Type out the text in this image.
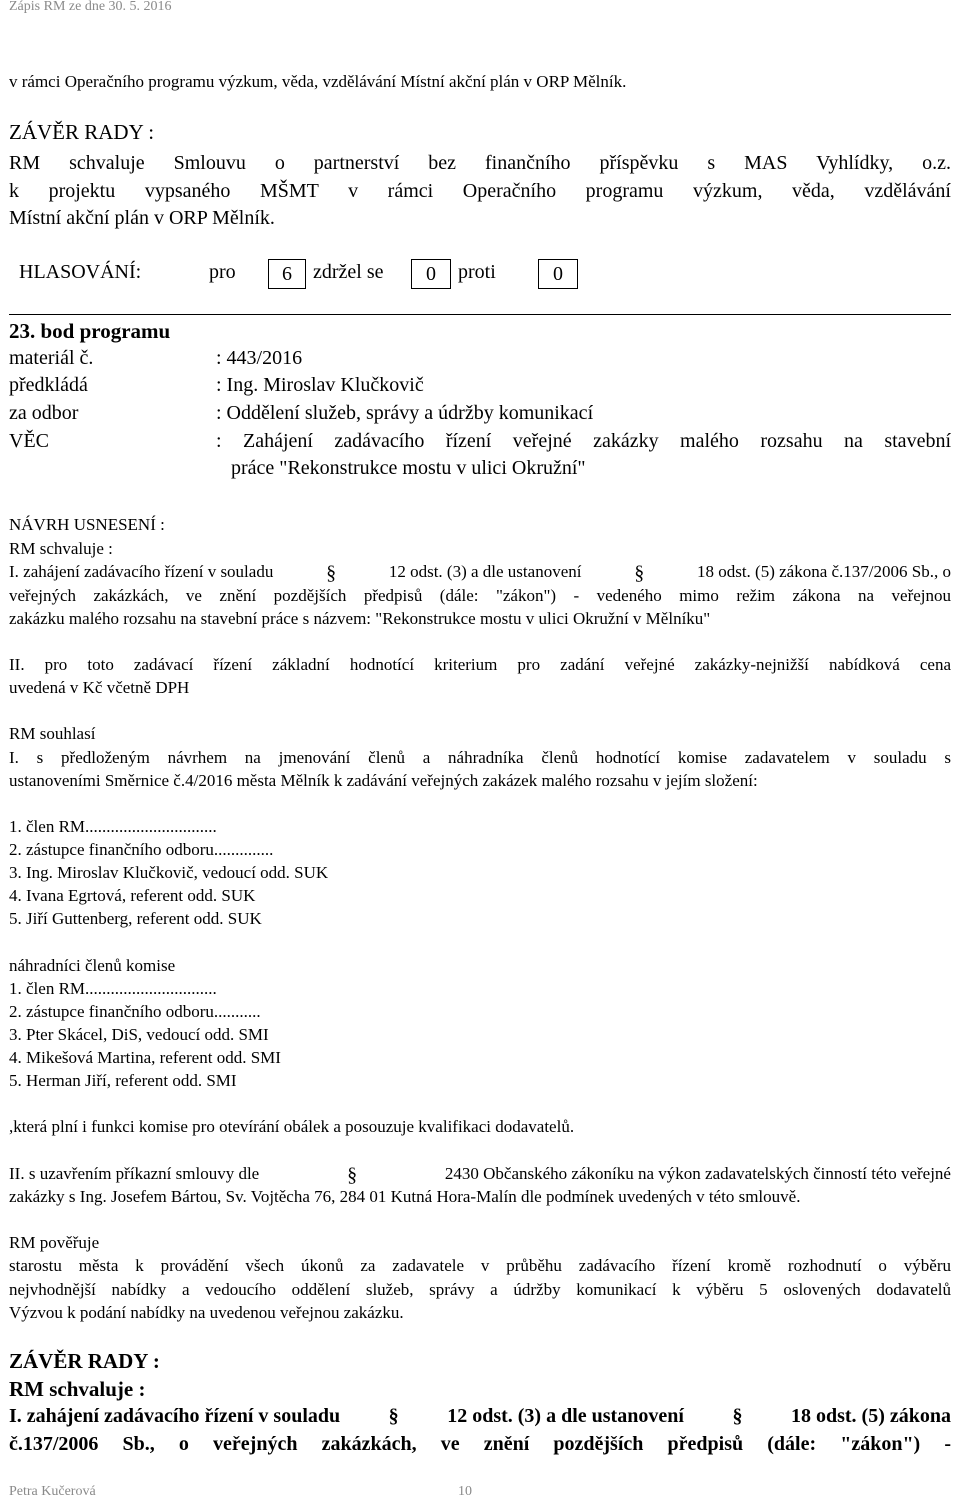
Zápis RM ze dne 30. 5. 2016
v rámci Operačního programu výzkum, věda, vzdělávání Místní akční plán v ORP Mělník.
ZÁVĚR RADY :
RM schvaluje Smlouvu o partnerství bez finančního příspěvku s MAS Vyhlídky, o.z.
k projektu vypsaného MŠMT v rámci Operačního programu výzkum, věda, vzdělávání
Místní akční plán v ORP Mělník.
HLASOVÁNÍ:	pro	6	zdržel se	0	proti	0
23. bod programu
materiál č.	: 443/2016
předkládá	: Ing. Miroslav Klučkovič
za odbor	: Oddělení služeb, správy a údržby komunikací
VĚC	: Zahájení zadávacího řízení veřejné zakázky malého rozsahu na stavební
práce "Rekonstrukce mostu v ulici Okružní"
NÁVRH USNESENÍ :
RM schvaluje :
I. zahájení zadávacího řízení v souladu	§	12 odst. (3) a dle ustanovení	§	18 odst. (5) zákona č.137/2006 Sb., o
veřejných zakázkách, ve znění pozdějších předpisů (dále: "zákon") - vedeného mimo režim zákona na veřejnou
zakázku malého rozsahu na stavební práce s názvem: "Rekonstrukce mostu v ulici Okružní v Mělníku"
II. pro toto zadávací řízení základní hodnotící kriterium pro zadání veřejné zakázky-nejnižší nabídková cena
uvedená v Kč včetně DPH
RM souhlasí
I. s předloženým návrhem na jmenování členů a náhradníka členů hodnotící komise zadavatelem v souladu s
ustanoveními Směrnice č.4/2016 města Mělník k zadávání veřejných zakázek malého rozsahu v jejím složení:
1. člen RM...............................
2. zástupce finančního odboru..............
3. Ing. Miroslav Klučkovič, vedoucí odd. SUK
4. Ivana Egrtová, referent odd. SUK
5. Jiří Guttenberg, referent odd. SUK
náhradníci členů komise
1. člen RM...............................
2. zástupce finančního odboru...........
3. Pter Skácel, DiS, vedoucí odd. SMI
4. Mikešová Martina, referent odd. SMI
5. Herman Jiří, referent odd. SMI
,která plní i funkci komise pro otevírání obálek a posouzuje kvalifikaci dodavatelů.
II. s uzavřením příkazní smlouvy dle	§	2430 Občanského zákoníku na výkon zadavatelských činností této veřejné
zakázky s Ing. Josefem Bártou, Sv. Vojtěcha 76, 284 01 Kutná Hora-Malín dle podmínek uvedených v této smlouvě.
RM pověřuje
starostu města k provádění všech úkonů za zadavatele v průběhu zadávacího řízení kromě rozhodnutí o výběru
nejvhodnější nabídky a vedoucího oddělení služeb, správy a údržby komunikací k výběru 5 oslovených dodavatelů
Výzvou k podání nabídky na uvedenou veřejnou zakázku.
ZÁVĚR RADY :
RM schvaluje :
I. zahájení zadávacího řízení v souladu § 12 odst. (3) a dle ustanovení § 18 odst. (5) zákona
č.137/2006 Sb., o veřejných zakázkách, ve znění pozdějších předpisů (dále: "zákon") -
Petra Kučerová	10
